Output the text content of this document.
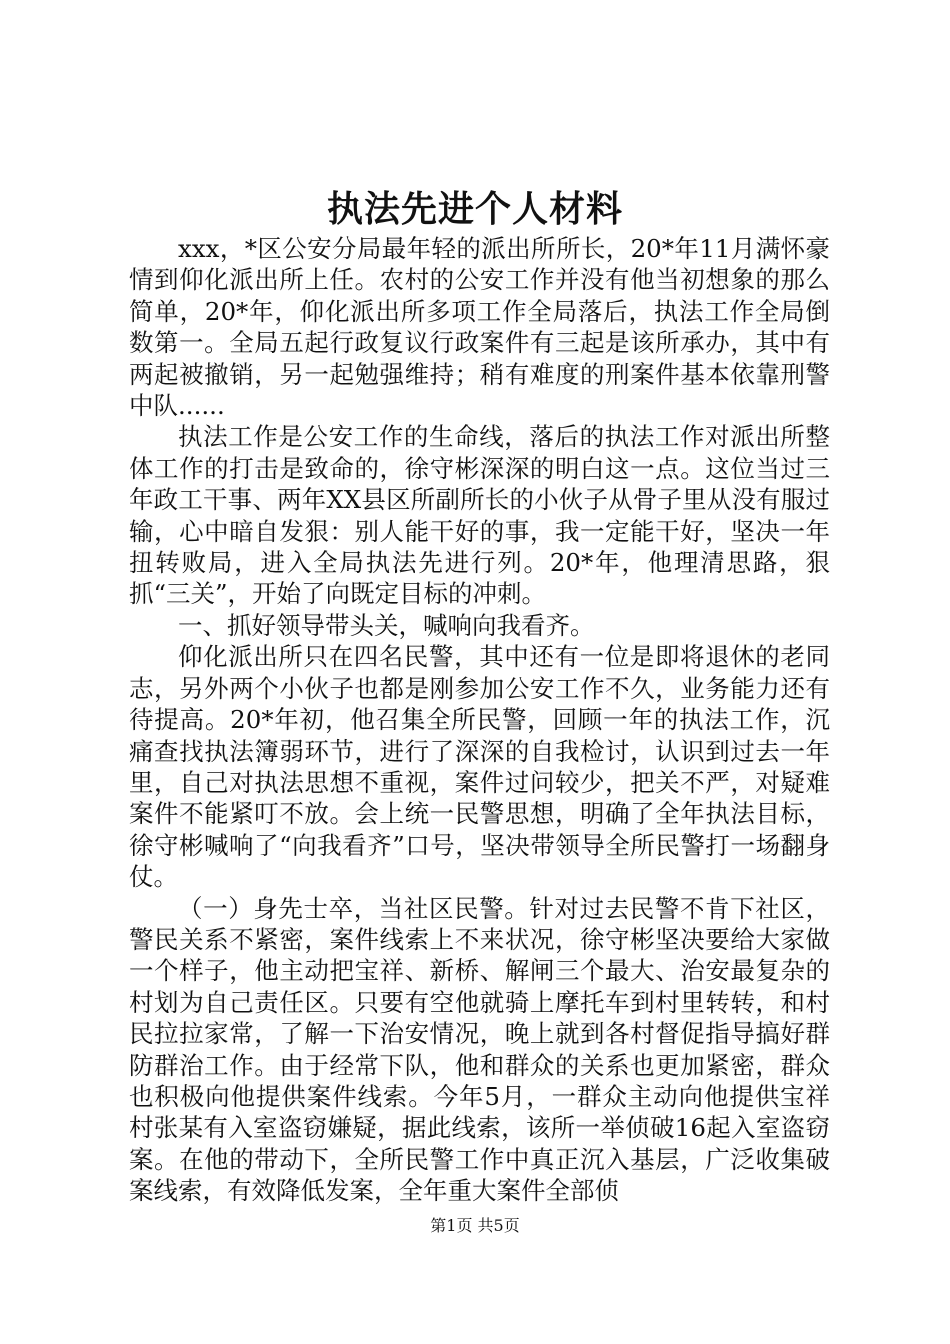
执法先进个人材料

xxx，*区公安分局最年轻的派出所所长，20*年11月满怀豪情到仰化派出所上任。农村的公安工作并没有他当初想象的那么简单，20*年，仰化派出所多项工作全局落后，执法工作全局倒数第一。全局五起行政复议行政案件有三起是该所承办，其中有两起被撤销，另一起勉强维持；稍有难度的刑案件基本依靠刑警中队......

执法工作是公安工作的生命线，落后的执法工作对派出所整体工作的打击是致命的，徐守彬深深的明白这一点。这位当过三年政工干事、两年XX县区所副所长的小伙子从骨子里从没有服过输，心中暗自发狠：别人能干好的事，我一定能干好，坚决一年扭转败局，进入全局执法先进行列。20*年，他理清思路，狠抓“三关”，开始了向既定目标的冲刺。

一、抓好领导带头关，喊响向我看齐。

仰化派出所只在四名民警，其中还有一位是即将退休的老同志，另外两个小伙子也都是刚参加公安工作不久，业务能力还有待提高。20*年初，他召集全所民警，回顾一年的执法工作，沉痛查找执法簿弱环节，进行了深深的自我检讨，认识到过去一年里，自己对执法思想不重视，案件过问较少，把关不严，对疑难案件不能紧叮不放。会上统一民警思想，明确了全年执法目标，徐守彬喊响了“向我看齐”口号，坚决带领导全所民警打一场翻身仗。

（一）身先士卒，当社区民警。针对过去民警不肯下社区，警民关系不紧密，案件线索上不来状况，徐守彬坚决要给大家做一个样子，他主动把宝祥、新桥、解闸三个最大、治安最复杂的村划为自己责任区。只要有空他就骑上摩托车到村里转转，和村民拉拉家常，了解一下治安情况，晚上就到各村督促指导搞好群防群治工作。由于经常下队，他和群众的关系也更加紧密，群众也积极向他提供案件线索。今年5月，一群众主动向他提供宝祥村张某有入室盗窃嫌疑，据此线索，该所一举侦破16起入室盗窃案。在他的带动下，全所民警工作中真正沉入基层，广泛收集破案线索，有效降低发案，全年重大案件全部侦

第1页 共5页
